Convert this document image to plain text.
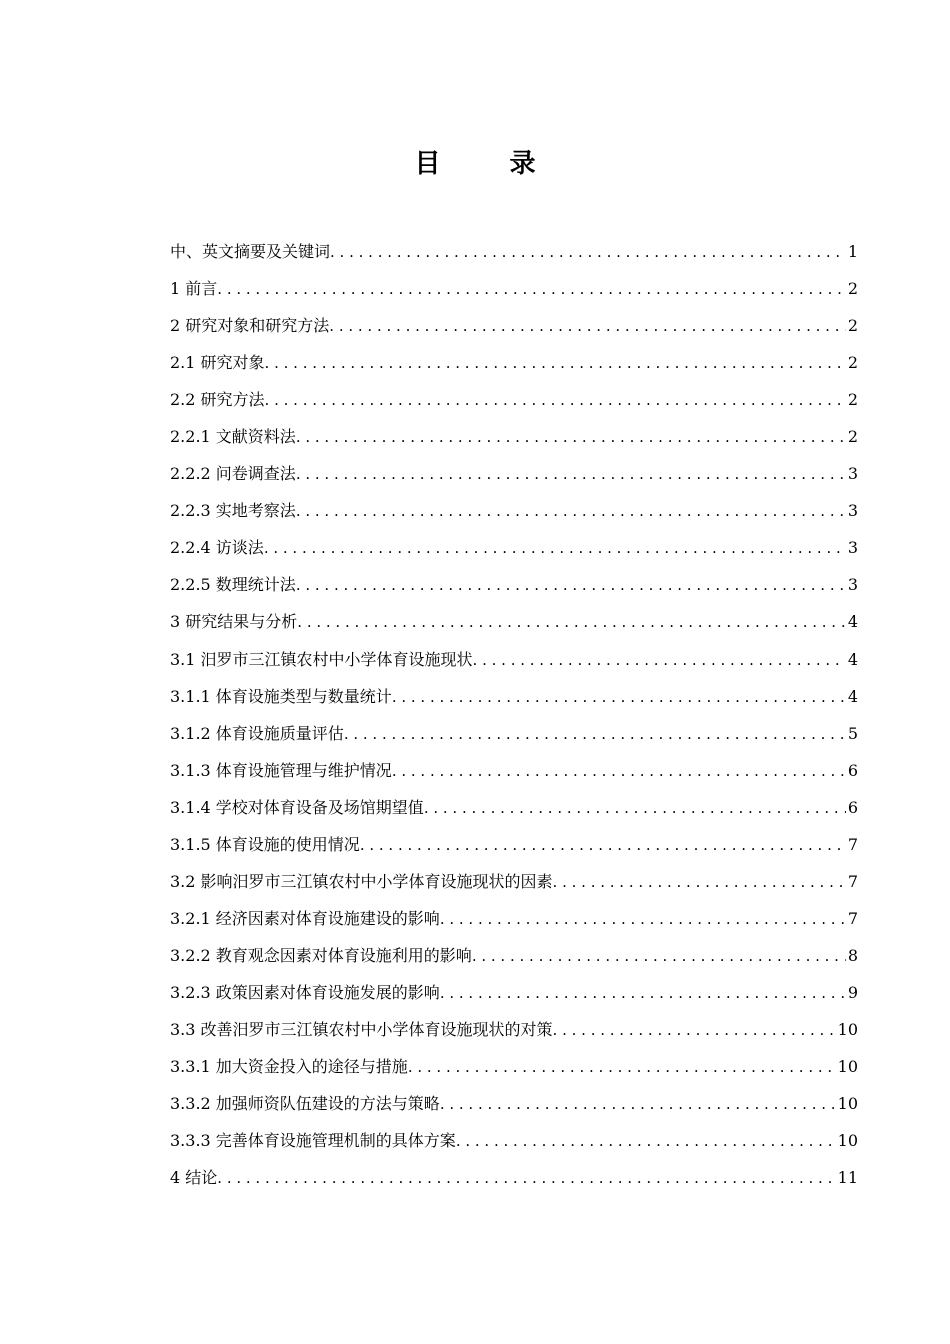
目 录
中、英文摘要及关键词 . . .	1
1 前言 . . .	2
2 研究对象和研究方法 . . .	2
2.1 研究对象 . . .	2
2.2 研究方法 . . .	2
2.2.1 文献资料法 . . .	2
2.2.2 问卷调查法 . . .	3
2.2.3 实地考察法 . . .	3
2.2.4 访谈法 . . .	3
2.2.5 数理统计法 . . .	3
3 研究结果与分析 . . .	4
3.1 汨罗市三江镇农村中小学体育设施现状 . . .	4
3.1.1 体育设施类型与数量统计 . . .	4
3.1.2 体育设施质量评估 . . .	5
3.1.3 体育设施管理与维护情况 . . .	6
3.1.4 学校对体育设备及场馆期望值 . . .	6
3.1.5 体育设施的使用情况 . . .	7
3.2 影响汨罗市三江镇农村中小学体育设施现状的因素 . . .	7
3.2.1 经济因素对体育设施建设的影响 . . .	7
3.2.2 教育观念因素对体育设施利用的影响 . . .	8
3.2.3 政策因素对体育设施发展的影响 . . .	9
3.3 改善汨罗市三江镇农村中小学体育设施现状的对策 . . .	10
3.3.1 加大资金投入的途径与措施 . . .	10
3.3.2 加强师资队伍建设的方法与策略 . . .	10
3.3.3 完善体育设施管理机制的具体方案 . . .	10
4 结论 . . .	11
